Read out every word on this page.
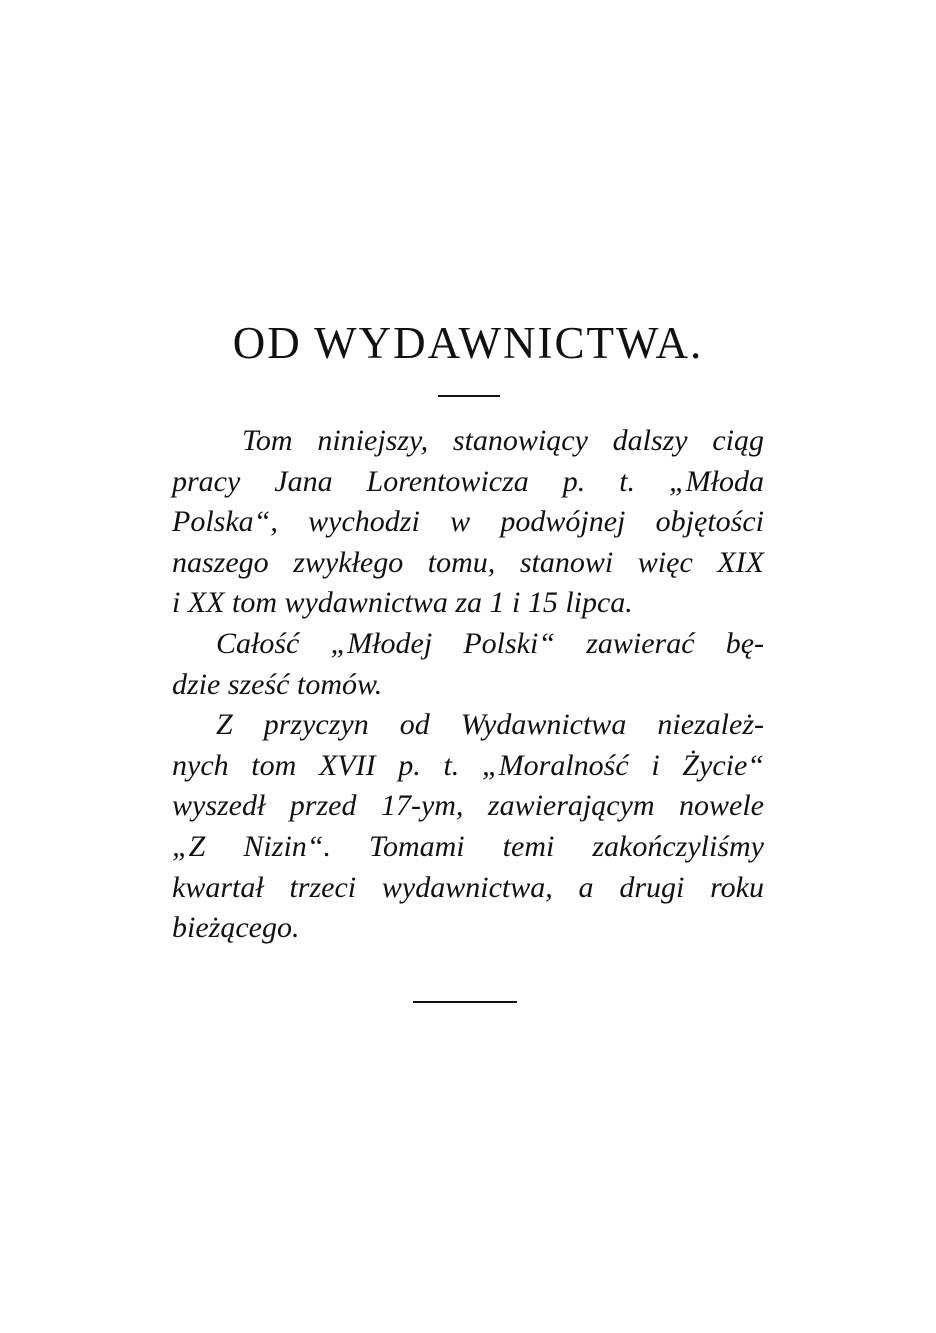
OD WYDAWNICTWA.
Tom niniejszy, stanowiący dalszy ciąg
pracy Jana Lorentowicza p. t. „Młoda
Polska“, wychodzi w podwójnej objętości
naszego zwykłego tomu, stanowi więc XIX
i XX tom wydawnictwa za 1 i 15 lipca.
Całość „Młodej Polski“ zawierać bę-
dzie sześć tomów.
Z przyczyn od Wydawnictwa niezależ-
nych tom XVII p. t. „Moralność i Życie“
wyszedł przed 17-ym, zawierającym nowele
„Z Nizin“. Tomami temi zakończyliśmy
kwartał trzeci wydawnictwa, a drugi roku
bieżącego.
